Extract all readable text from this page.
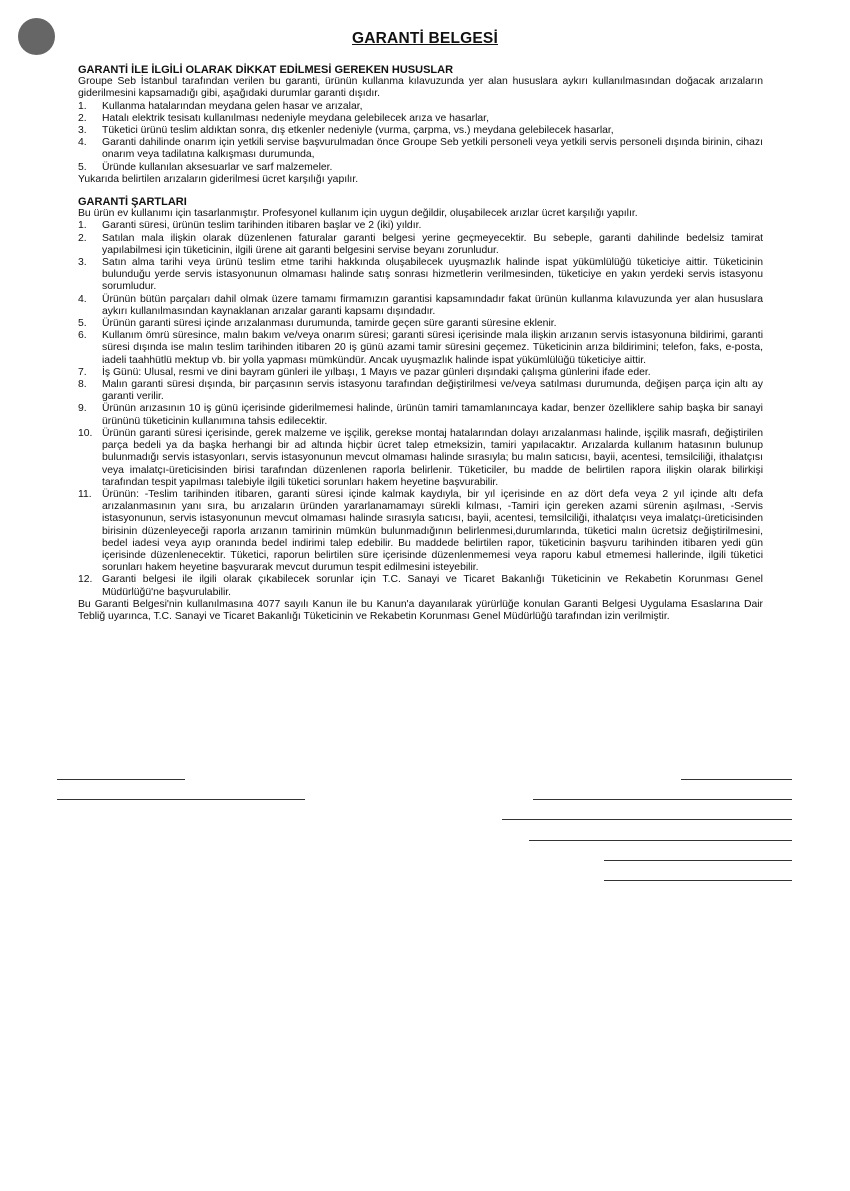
GARANTİ BELGESİ
GARANTİ İLE İLGİLİ OLARAK DİKKAT EDİLMESİ GEREKEN HUSUSLAR

Groupe Seb İstanbul tarafından verilen bu garanti, ürünün kullanma kılavuzunda yer alan hususlara aykırı kullanılmasından doğacak arızaların giderilmesini kapsamadığı gibi, aşağıdaki durumlar garanti dışıdır.

1.	Kullanma hatalarından meydana gelen hasar ve arızalar,
2.	Hatalı elektrik tesisatı kullanılması nedeniyle meydana gelebilecek arıza ve hasarlar,
3.	Tüketici ürünü teslim aldıktan sonra, dış etkenler nedeniyle (vurma, çarpma, vs.) meydana gelebilecek hasarlar,
4.	Garanti dahilinde onarım için yetkili servise başvurulmadan önce Groupe Seb yetkili personeli veya yetkili servis personeli dışında birinin, cihazı onarım veya tadilatına kalkışması durumunda,
5.	Üründe kullanılan aksesuarlar ve sarf malzemeler.

Yukarıda belirtilen arızaların giderilmesi ücret karşılığı yapılır.

GARANTİ ŞARTLARI

Bu ürün ev kullanımı için tasarlanmıştır. Profesyonel kullanım için uygun değildir, oluşabilecek arızlar ücret karşılığı yapılır.

1.	Garanti süresi, ürünün teslim tarihinden itibaren başlar ve 2 (iki) yıldır.
2.	Satılan mala ilişkin olarak düzenlenen faturalar garanti belgesi yerine geçmeyecektir. Bu sebeple, garanti dahilinde bedelsiz tamirat yapılabilmesi için tüketicinin, ilgili ürene ait garanti belgesini servise beyanı zorunludur.
3.	Satın alma tarihi veya ürünü teslim etme tarihi hakkında oluşabilecek uyuşmazlık halinde ispat yükümlülüğü tüketiciye aittir. Tüketicinin bulunduğu yerde servis istasyonunun olmaması halinde satış sonrası hizmetlerin verilmesinden, tüketiciye en yakın yerdeki servis istasyonu sorumludur.
4.	Ürünün bütün parçaları dahil olmak üzere tamamı firmamızın garantisi kapsamındadır fakat ürünün kullanma kılavuzunda yer alan hususlara aykırı kullanılmasından kaynaklanan arızalar garanti kapsamı dışındadır.
5.	Ürünün garanti süresi içinde arızalanması durumunda, tamirde geçen süre garanti süresine eklenir.
6.	Kullanım ömrü süresince, malın bakım ve/veya onarım süresi; garanti süresi içerisinde mala ilişkin arızanın servis istasyonuna bildirimi, garanti süresi dışında ise malın teslim tarihinden itibaren 20 iş günü azami tamir süresini geçemez. Tüketicinin arıza bildirimini; telefon, faks, e-posta, iadeli taahhütlü mektup vb. bir yolla yapması mümkündür. Ancak uyuşmazlık halinde ispat yükümlülüğü tüketiciye aittir.
7.	İş Günü: Ulusal, resmi ve dini bayram günleri ile yılbaşı, 1 Mayıs ve pazar günleri dışındaki çalışma günlerini ifade eder.
8.	Malın garanti süresi dışında, bir parçasının servis istasyonu tarafından değiştirilmesi ve/veya satılması durumunda, değişen parça için altı ay garanti verilir.
9.	Ürünün arızasının 10 iş günü içerisinde giderilmemesi halinde, ürünün tamiri tamamlanıncaya kadar, benzer özelliklere sahip başka bir sanayi ürününü tüketicinin kullanımına tahsis edilecektir.
10. Ürünün garanti süresi içerisinde, gerek malzeme ve işçilik, gerekse montaj hatalarından dolayı arızalanması halinde, işçilik masrafı, değiştirilen parça bedeli ya da başka herhangi bir ad altında hiçbir ücret talep etmeksizin, tamiri yapılacaktır. Arızalarda kullanım hatasının bulunup bulunmadığı servis istasyonları, servis istasyonunun mevcut olmaması halinde sırasıyla; bu malın satıcısı, bayii, acentesi, temsilciliği, ithalatçısı veya imalatçı-üreticisinden birisi tarafından düzenlenen raporla belirlenir. Tüketiciler, bu madde de belirtilen rapora ilişkin olarak bilirkişi tarafından tespit yapılması talebiyle ilgili tüketici sorunları hakem heyetine başvurabilir.
11. Ürünün: -Teslim tarihinden itibaren, garanti süresi içinde kalmak kaydıyla, bir yıl içerisinde en az dört defa veya 2 yıl içinde altı defa arızalanmasının yanı sıra, bu arızaların üründen yararlanamamayı sürekli kılması, -Tamiri için gereken azami sürenin aşılması, -Servis istasyonunun, servis istasyonunun mevcut olmaması halinde sırasıyla satıcısı, bayii, acentesi, temsilciliği, ithalatçısı veya imalatçı-üreticisinden birisinin düzenleyeceği raporla arızanın tamirinin mümkün bulunmadığının belirlenmesi,durumlarında, tüketici malın ücretsiz değiştirilmesini, bedel iadesi veya ayıp oranında bedel indirimi talep edebilir. Bu maddede belirtilen rapor, tüketicinin başvuru tarihinden itibaren yedi gün içerisinde düzenlenecektir. Tüketici, raporun belirtilen süre içerisinde düzenlenmemesi veya raporu kabul etmemesi hallerinde, ilgili tüketici sorunları hakem heyetine başvurarak mevcut durumun tespit edilmesini isteyebilir.
12. Garanti belgesi ile ilgili olarak çıkabilecek sorunlar için T.C. Sanayi ve Ticaret Bakanlığı Tüketicinin ve Rekabetin Korunması Genel Müdürlüğü'ne başvurulabilir.

Bu Garanti Belgesi'nin kullanılmasına 4077 sayılı Kanun ile bu Kanun'a dayanılarak yürürlüğe konulan Garanti Belgesi Uygulama Esaslarına Dair Tebliğ uyarınca, T.C. Sanayi ve Ticaret Bakanlığı Tüketicinin ve Rekabetin Korunması Genel Müdürlüğü tarafından izin verilmiştir.
